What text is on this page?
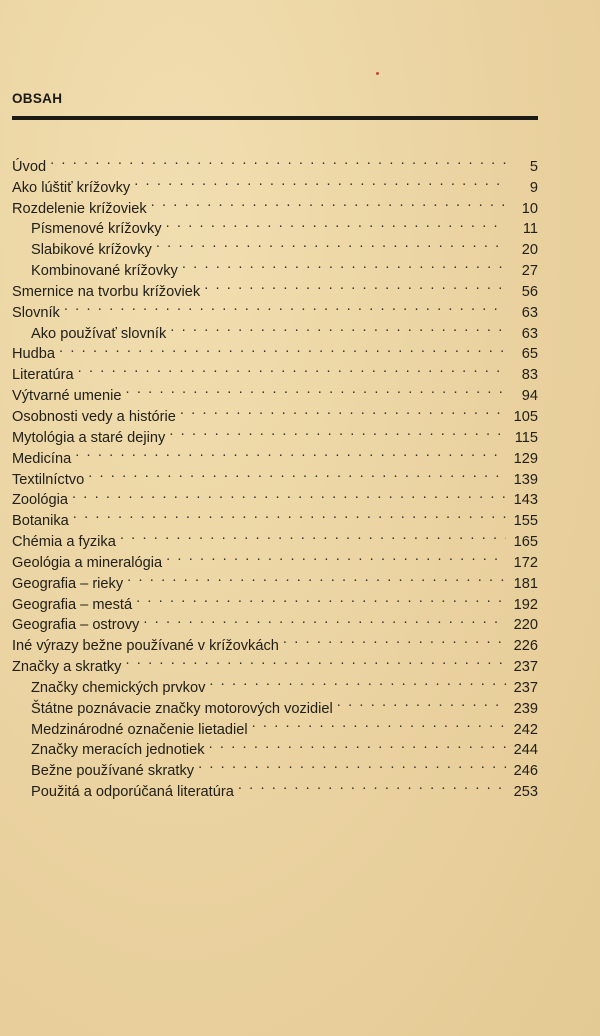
OBSAH
Úvod . . .	5
Ako lúštiť krížovky . . .	9
Rozdelenie krížoviek . . .	10
Písmenové krížovky . . .	11
Slabikové krížovky . . .	20
Kombinované krížovky . . .	27
Smernice na tvorbu krížoviek . . .	56
Slovník . . .	63
Ako používať slovník . . .	63
Hudba . . .	65
Literatúra . . .	83
Výtvarné umenie . . .	94
Osobnosti vedy a histórie . . .	105
Mytológia a staré dejiny . . .	115
Medicína . . .	129
Textilníctvo . . .	139
Zoológia . . .	143
Botanika . . .	155
Chémia a fyzika . . .	165
Geológia a mineralógia . . .	172
Geografia – rieky . . .	181
Geografia – mestá . . .	192
Geografia – ostrovy . . .	220
Iné výrazy bežne používané v krížovkách . . .	226
Značky a skratky . . .	237
Značky chemických prvkov . . .	237
Štátne poznávacie značky motorových vozidiel . . .	239
Medzinárodné označenie lietadiel . . .	242
Značky meracích jednotiek . . .	244
Bežne používané skratky . . .	246
Použitá a odporúčaná literatúra . . .	253
